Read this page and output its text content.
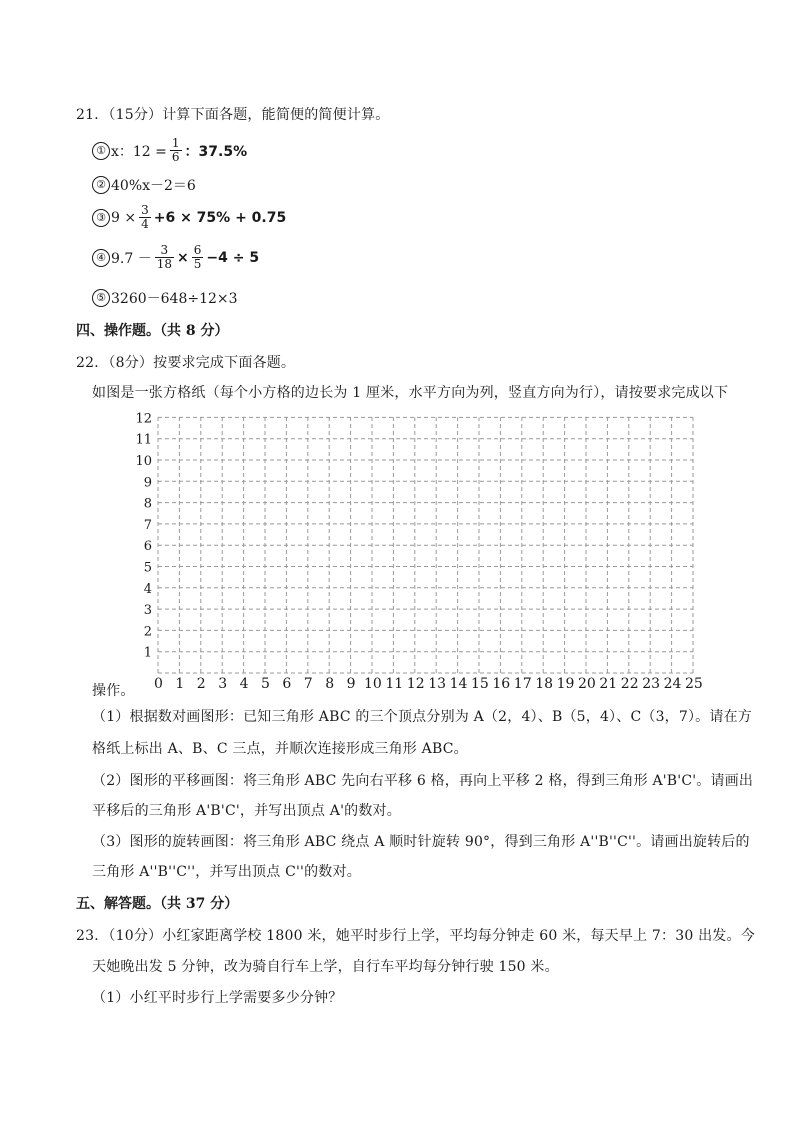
21．（15分）计算下面各题，能简便的简便计算。
① x：$12 = \frac{1}{6}$ ：37.5%
② 40%x－2＝6
③ $9 \times \frac{3}{4} +6 \times 75\% + 0.75$
④ $9.7 - \frac{3}{18} \times \frac{6}{5} -4 \div 5$
⑤ 3260－648÷12×3
四、操作题。（共 8 分）
22．（8分）按要求完成下面各题。
如图是一张方格纸（每个小方格的边长为 1 厘米，水平方向为列，竖直方向为行），请按要求完成以下
1
2
3
4
5
6
7
8
9
10
11
12
操作。
（1）根据数对画图形：已知三角形 ABC 的三个顶点分别为 A（2，4）、B（5，4）、C（3，7）。请在方
格纸上标出 A、B、C 三点，并顺次连接形成三角形 ABC。
（2）图形的平移画图：将三角形 ABC 先向右平移 6 格，再向上平移 2 格，得到三角形 A'B'C'。请画出
平移后的三角形 A'B'C'，并写出顶点 A'的数对。
（3）图形的旋转画图：将三角形 ABC 绕点 A 顺时针旋转 90°，得到三角形 A''B''C''。请画出旋转后的
三角形 A''B''C''，并写出顶点 C''的数对。
五、解答题。（共 37 分）
23．（10分）小红家距离学校 1800 米，她平时步行上学，平均每分钟走 60 米，每天早上 7：30 出发。今
天她晚出发 5 分钟，改为骑自行车上学，自行车平均每分钟行驶 150 米。
（1）小红平时步行上学需要多少分钟？
0 1 2 3 4 5 6 7 8 9 10 11 12 13 14 15 16 17 18 19 20 21 22 23 24 25
